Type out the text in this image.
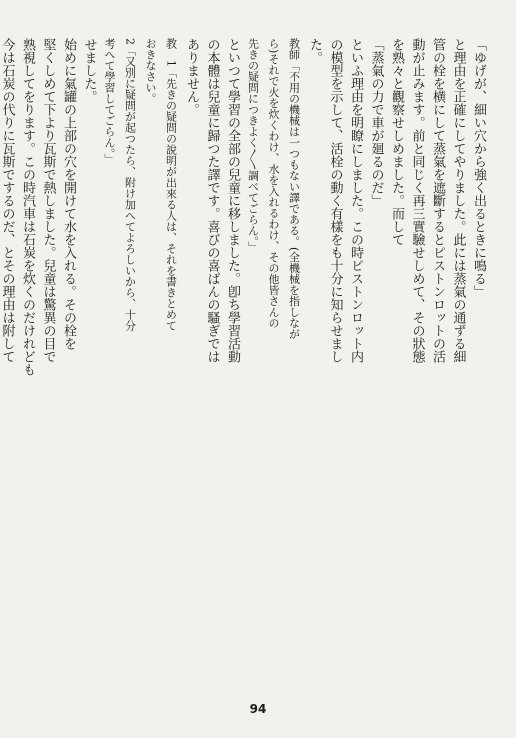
「ゆげが、細い穴から強く出るときに鳴る」

と理由を正確にしてやりました。此には蒸氣の通ずる細

管の栓を横にして蒸氣を遮斷するとピストンロットの活

動が止みます。前と同じく再三實驗せしめて、その狀態

を熟々と觀察せしめました。而して

「蒸氣の力で車が廻るのだ」

といふ理由を明瞭にしました。この時ピストンロット内

の模型を示して、活栓の動く有樣をも十分に知らせまし

た。

教師「不用の機械は一つもない譯である。(全機械を指しなが

ら)それで火を炊くわけ、水を入れるわけ、その他皆さんの

先きの疑問につきよく〳〵調べてごらん。」

といつて學習の全部の兒童に移しました。卽ち學習活動

の本體は兒童に歸つた譯です。喜びの喜ばんの騷ぎでは

ありません。

教　1「先きの疑問の說明が出來る人は、それを書きとめて

おきなさい。

2「又別に疑問が起つたら、附け加へてよろしいから、十分

考へて學習してごらん。」

せました。

始めに氣罐の上部の穴を開けて水を入れる。その栓を

堅くしめて下より瓦斯で熱しました。兒童は驚異の目で

熟視してをります。この時汽車は石炭を炊くのだけれども

今は石炭の代りに瓦斯でするのだ、とその理由は附して

94
